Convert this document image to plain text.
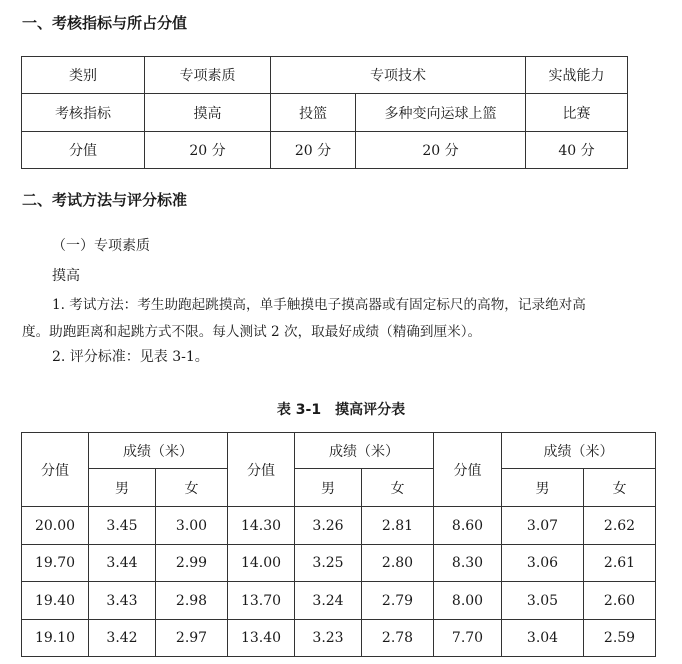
一、考核指标与所占分值
类别	专项素质	专项技术		实战能力
考核指标	摸高	投篮	多种变向运球上篮	比赛
分值	20 分	20 分	20 分	40 分
二、考试方法与评分标准
（一）专项素质
摸高
1. 考试方法：考生助跑起跳摸高，单手触摸电子摸高器或有固定标尺的高物，记录绝对高
度。助跑距离和起跳方式不限。每人测试 2 次，取最好成绩（精确到厘米）。
2. 评分标准：见表 3-1。
表 3-1　摸高评分表
分值	成绩（米）		分值	成绩（米）		分值	成绩（米）	
	男	女		男	女		男	女
20.00	3.45	3.00	14.30	3.26	2.81	8.60	3.07	2.62
19.70	3.44	2.99	14.00	3.25	2.80	8.30	3.06	2.61
19.40	3.43	2.98	13.70	3.24	2.79	8.00	3.05	2.60
19.10	3.42	2.97	13.40	3.23	2.78	7.70	3.04	2.59
